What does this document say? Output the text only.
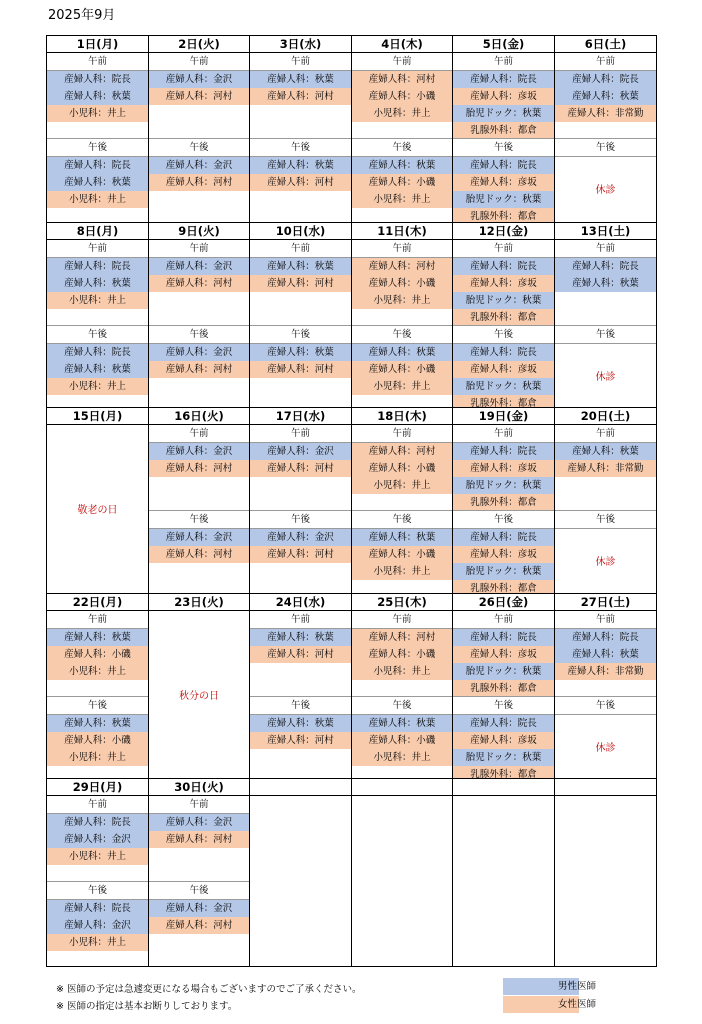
2025年9月
1日(月)
午前
産婦人科：院長
産婦人科：秋葉
小児科：井上
午後
産婦人科：院長
産婦人科：秋葉
小児科：井上
2日(火)
午前
産婦人科：金沢
産婦人科：河村
午後
産婦人科：金沢
産婦人科：河村
3日(水)
午前
産婦人科：秋葉
産婦人科：河村
午後
産婦人科：秋葉
産婦人科：河村
4日(木)
午前
産婦人科：河村
産婦人科：小磯
小児科：井上
午後
産婦人科：秋葉
産婦人科：小磯
小児科：井上
5日(金)
午前
産婦人科：院長
産婦人科：彦坂
胎児ドック：秋葉
乳腺外科：都倉
午後
産婦人科：院長
産婦人科：彦坂
胎児ドック：秋葉
乳腺外科：都倉
6日(土)
午前
産婦人科：院長
産婦人科：秋葉
産婦人科：非常勤
午後
休診
8日(月)
午前
産婦人科：院長
産婦人科：秋葉
小児科：井上
午後
産婦人科：院長
産婦人科：秋葉
小児科：井上
9日(火)
午前
産婦人科：金沢
産婦人科：河村
午後
産婦人科：金沢
産婦人科：河村
10日(水)
午前
産婦人科：秋葉
産婦人科：河村
午後
産婦人科：秋葉
産婦人科：河村
11日(木)
午前
産婦人科：河村
産婦人科：小磯
小児科：井上
午後
産婦人科：秋葉
産婦人科：小磯
小児科：井上
12日(金)
午前
産婦人科：院長
産婦人科：彦坂
胎児ドック：秋葉
乳腺外科：都倉
午後
産婦人科：院長
産婦人科：彦坂
胎児ドック：秋葉
乳腺外科：都倉
13日(土)
午前
産婦人科：院長
産婦人科：秋葉
午後
休診
15日(月)
敬老の日
16日(火)
午前
産婦人科：金沢
産婦人科：河村
午後
産婦人科：金沢
産婦人科：河村
17日(水)
午前
産婦人科：金沢
産婦人科：河村
午後
産婦人科：金沢
産婦人科：河村
18日(木)
午前
産婦人科：河村
産婦人科：小磯
小児科：井上
午後
産婦人科：秋葉
産婦人科：小磯
小児科：井上
19日(金)
午前
産婦人科：院長
産婦人科：彦坂
胎児ドック：秋葉
乳腺外科：都倉
午後
産婦人科：院長
産婦人科：彦坂
胎児ドック：秋葉
乳腺外科：都倉
20日(土)
午前
産婦人科：秋葉
産婦人科：非常勤
午後
休診
22日(月)
午前
産婦人科：秋葉
産婦人科：小磯
小児科：井上
午後
産婦人科：秋葉
産婦人科：小磯
小児科：井上
23日(火)
秋分の日
24日(水)
午前
産婦人科：秋葉
産婦人科：河村
午後
産婦人科：秋葉
産婦人科：河村
25日(木)
午前
産婦人科：河村
産婦人科：小磯
小児科：井上
午後
産婦人科：秋葉
産婦人科：小磯
小児科：井上
26日(金)
午前
産婦人科：院長
産婦人科：彦坂
胎児ドック：秋葉
乳腺外科：都倉
午後
産婦人科：院長
産婦人科：彦坂
胎児ドック：秋葉
乳腺外科：都倉
27日(土)
午前
産婦人科：院長
産婦人科：秋葉
産婦人科：非常勤
午後
休診
29日(月)
午前
産婦人科：院長
産婦人科：金沢
小児科：井上
午後
産婦人科：院長
産婦人科：金沢
小児科：井上
30日(火)
午前
産婦人科：金沢
産婦人科：河村
午後
産婦人科：金沢
産婦人科：河村
※ 医師の予定は急遽変更になる場合もございますのでご了承ください。
※ 医師の指定は基本お断りしております。
男性医師
女性医師
